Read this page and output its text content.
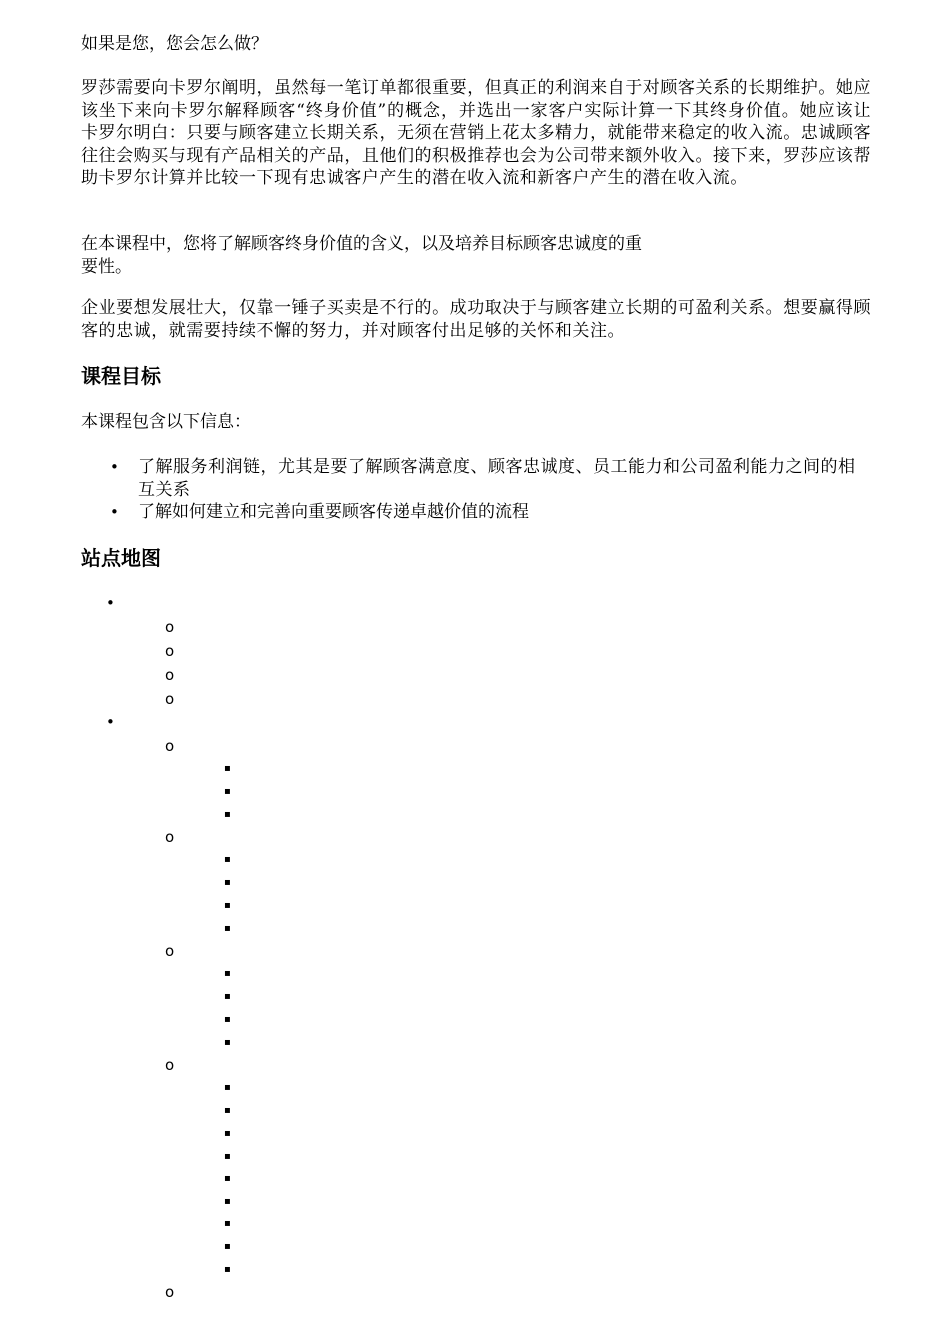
如果是您，您会怎么做？

罗莎需要向卡罗尔阐明，虽然每一笔订单都很重要，但真正的利润来自于对顾客关系的长期维护。她应该坐下来向卡罗尔解释顾客“终身价值”的概念，并选出一家客户实际计算一下其终身价值。她应该让卡罗尔明白：只要与顾客建立长期关系，无须在营销上花太多精力，就能带来稳定的收入流。忠诚顾客往往会购买与现有产品相关的产品，且他们的积极推荐也会为公司带来额外收入。接下来，罗莎应该帮助卡罗尔计算并比较一下现有忠诚客户产生的潜在收入流和新客户产生的潜在收入流。

在本课程中，您将了解顾客终身价值的含义，以及培养目标顾客忠诚度的重

要性。

企业要想发展壮大，仅靠一锤子买卖是不行的。成功取决于与顾客建立长期的可盈利关系。想要赢得顾客的忠诚，就需要持续不懈的努力，并对顾客付出足够的关怀和关注。

课程目标

本课程包含以下信息：

• 了解服务利润链，尤其是要了解顾客满意度、顾客忠诚度、员工能力和公司盈利能力之间的相互关系
• 了解如何建立和完善向重要顾客传递卓越价值的流程
站点地图
•
o
o
o
o
•
o
▪
▪
▪
o
▪
▪
▪
▪
o
▪
▪
▪
▪
o
▪
▪
▪
▪
▪
▪
▪
▪
▪
o
